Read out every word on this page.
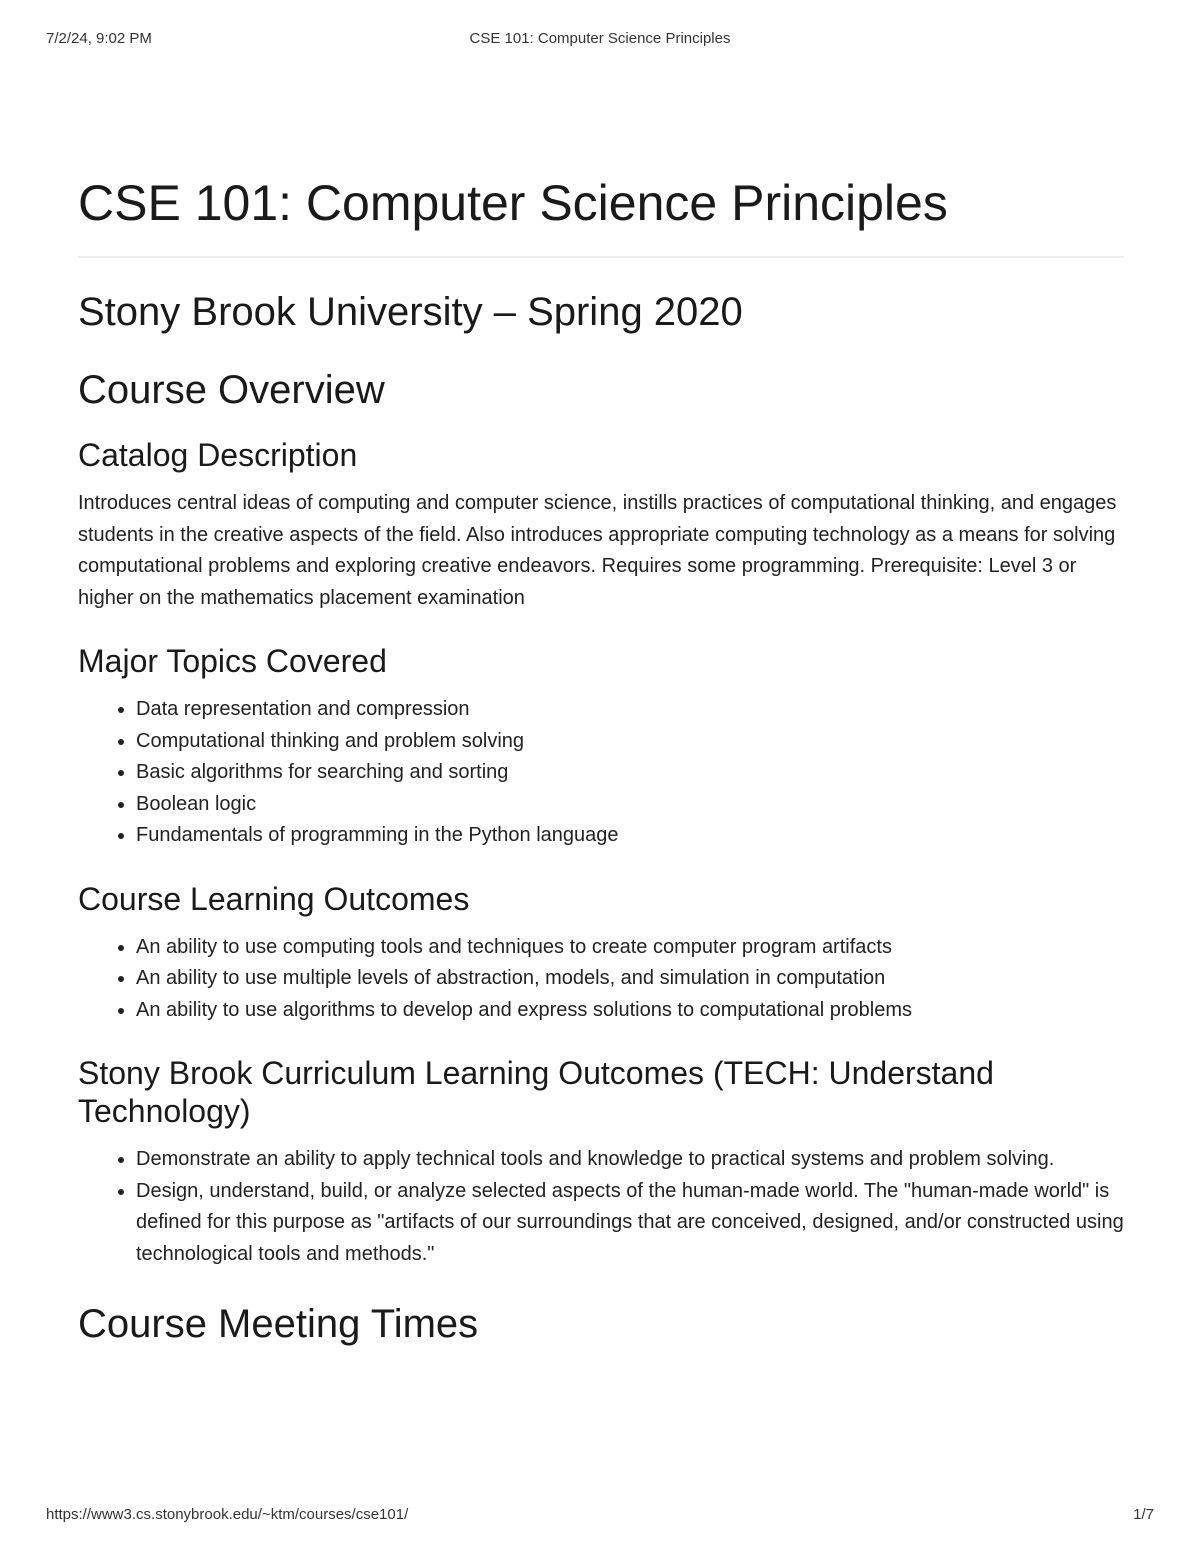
7/2/24, 9:02 PM	CSE 101: Computer Science Principles
CSE 101: Computer Science Principles
Stony Brook University – Spring 2020
Course Overview
Catalog Description

Introduces central ideas of computing and computer science, instills practices of computational thinking, and engages students in the creative aspects of the field. Also introduces appropriate computing technology as a means for solving computational problems and exploring creative endeavors. Requires some programming. Prerequisite: Level 3 or higher on the mathematics placement examination

Major Topics Covered
• Data representation and compression
• Computational thinking and problem solving
• Basic algorithms for searching and sorting
• Boolean logic
• Fundamentals of programming in the Python language
Course Learning Outcomes
• An ability to use computing tools and techniques to create computer program artifacts
• An ability to use multiple levels of abstraction, models, and simulation in computation
• An ability to use algorithms to develop and express solutions to computational problems
Stony Brook Curriculum Learning Outcomes (TECH: Understand Technology)
• Demonstrate an ability to apply technical tools and knowledge to practical systems and problem solving.
• Design, understand, build, or analyze selected aspects of the human-made world. The "human-made world" is defined for this purpose as "artifacts of our surroundings that are conceived, designed, and/or constructed using technological tools and methods."
Course Meeting Times
https://www3.cs.stonybrook.edu/~ktm/courses/cse101/	1/7
